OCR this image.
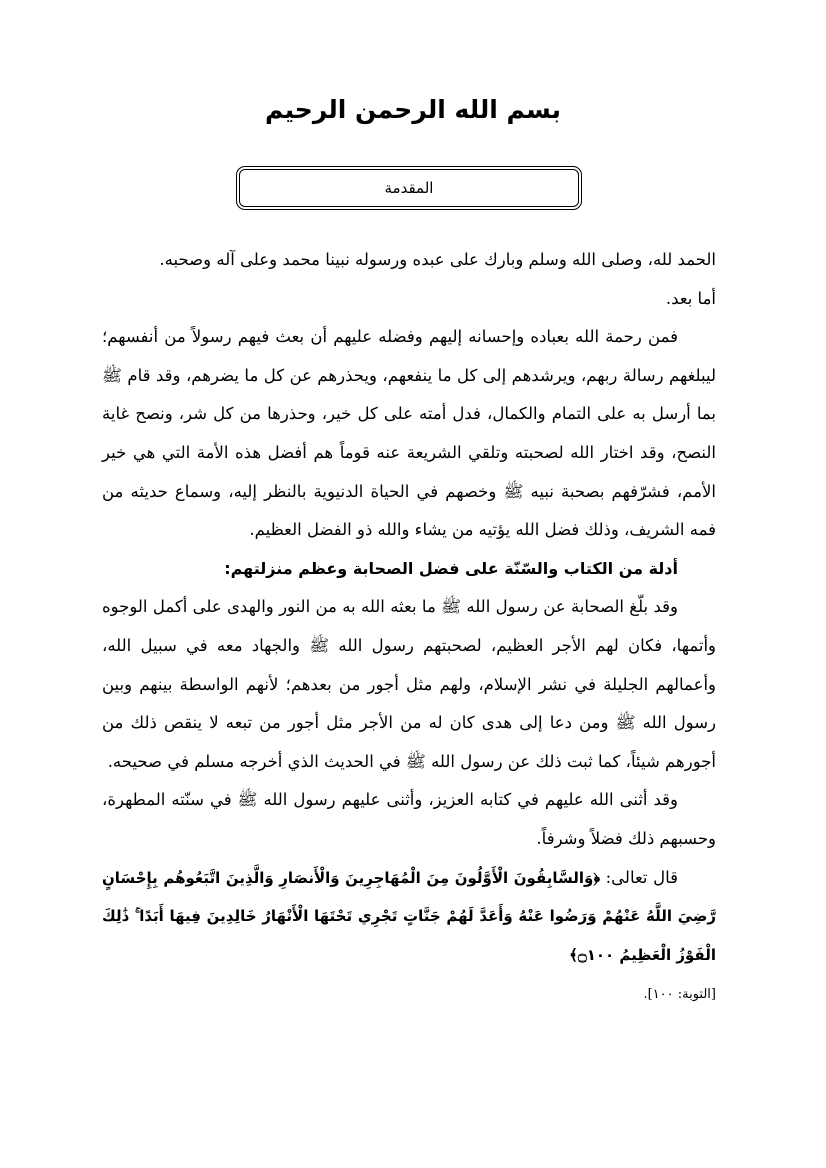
بسم الله الرحمن الرحيم
المقدمة

الحمد لله، وصلى الله وسلم وبارك على عبده ورسوله نبينا محمد وعلى آله وصحبه.

أما بعد.

فمن رحمة الله بعباده وإحسانه إليهم وفضله عليهم أن بعث فيهم رسولاً من أنفسهم؛ ليبلغهم رسالة ربهم، ويرشدهم إلى كل ما ينفعهم، ويحذرهم عن كل ما يضرهم، وقد قام ﷺ بما أرسل به على التمام والكمال، فدل أمته على كل خير، وحذرها من كل شر، ونصح غاية النصح، وقد اختار الله لصحبته وتلقي الشريعة عنه قوماً هم أفضل هذه الأمة التي هي خير الأمم، فشرّفهم بصحبة نبيه ﷺ وخصهم في الحياة الدنيوية بالنظر إليه، وسماع حديثه من فمه الشريف، وذلك فضل الله يؤتيه من يشاء والله ذو الفضل العظيم.

أدلة من الكتاب والسّنّة على فضل الصحابة وعظم منزلتهم:

وقد بلّغ الصحابة عن رسول الله ﷺ ما بعثه الله به من النور والهدى على أكمل الوجوه وأتمها، فكان لهم الأجر العظيم، لصحبتهم رسول الله ﷺ والجهاد معه في سبيل الله، وأعمالهم الجليلة في نشر الإسلام، ولهم مثل أجور من بعدهم؛ لأنهم الواسطة بينهم وبين رسول الله ﷺ ومن دعا إلى هدى كان له من الأجر مثل أجور من تبعه لا ينقص ذلك من أجورهم شيئاً، كما ثبت ذلك عن رسول الله ﷺ في الحديث الذي أخرجه مسلم في صحيحه.

وقد أثنى الله عليهم في كتابه العزيز، وأثنى عليهم رسول الله ﷺ في سنّته المطهرة، وحسبهم ذلك فضلاً وشرفاً.

قال تعالى: ﴿وَالسَّابِقُونَ الْأَوَّلُونَ مِنَ الْمُهَاجِرِينَ وَالْأَنصَارِ وَالَّذِينَ اتَّبَعُوهُم بِإِحْسَانٍ رَّضِيَ اللَّهُ عَنْهُمْ وَرَضُوا عَنْهُ وَأَعَدَّ لَهُمْ جَنَّاتٍ تَجْرِي تَحْتَهَا الْأَنْهَارُ خَالِدِينَ فِيهَا أَبَدًا ۚ ذَٰلِكَ الْفَوْزُ الْعَظِيمُ ۝١٠٠﴾
[التوبة: ١٠٠].
